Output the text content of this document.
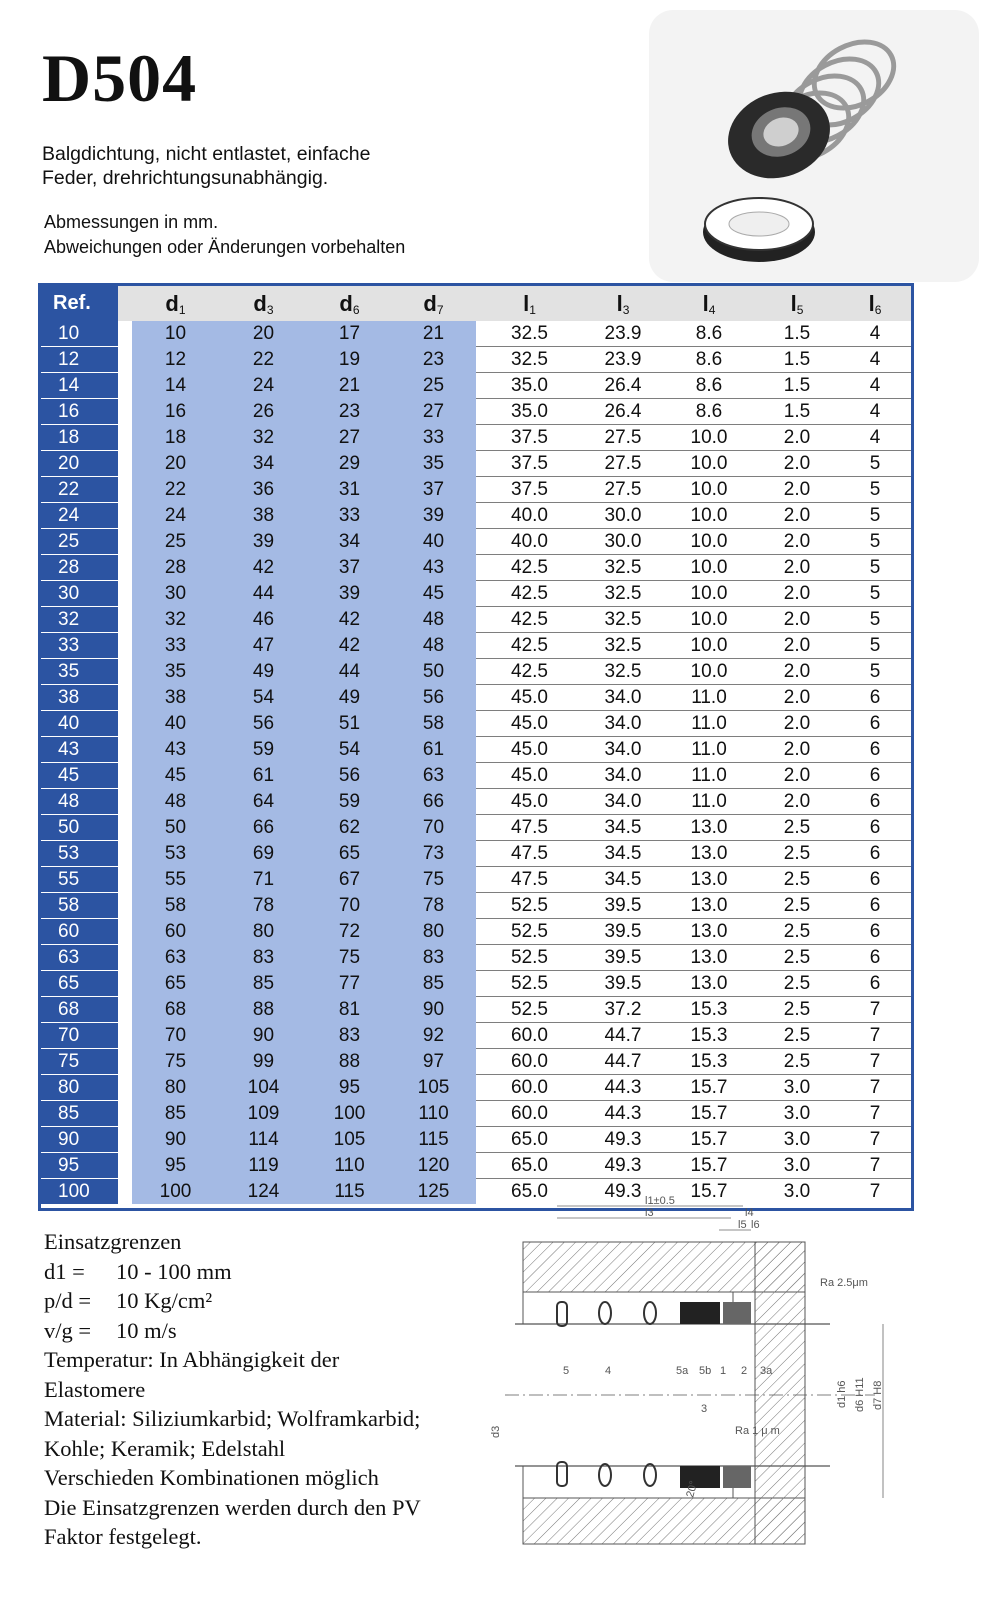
D504
Balgdichtung, nicht entlastet, einfache
Feder, drehrichtungsunabhängig.
Abmessungen in mm.
Abweichungen oder Änderungen vorbehalten
Ref.		$d_1$	$d_3$	$d_6$	$d_7$	$l_1$	$l_3$	$l_4$	$l_5$	$l_6$
10		10	20	17	21	32.5	23.9	8.6	1.5	4
12		12	22	19	23	32.5	23.9	8.6	1.5	4
14		14	24	21	25	35.0	26.4	8.6	1.5	4
16		16	26	23	27	35.0	26.4	8.6	1.5	4
18		18	32	27	33	37.5	27.5	10.0	2.0	4
20		20	34	29	35	37.5	27.5	10.0	2.0	5
22		22	36	31	37	37.5	27.5	10.0	2.0	5
24		24	38	33	39	40.0	30.0	10.0	2.0	5
25		25	39	34	40	40.0	30.0	10.0	2.0	5
28		28	42	37	43	42.5	32.5	10.0	2.0	5
30		30	44	39	45	42.5	32.5	10.0	2.0	5
32		32	46	42	48	42.5	32.5	10.0	2.0	5
33		33	47	42	48	42.5	32.5	10.0	2.0	5
35		35	49	44	50	42.5	32.5	10.0	2.0	5
38		38	54	49	56	45.0	34.0	11.0	2.0	6
40		40	56	51	58	45.0	34.0	11.0	2.0	6
43		43	59	54	61	45.0	34.0	11.0	2.0	6
45		45	61	56	63	45.0	34.0	11.0	2.0	6
48		48	64	59	66	45.0	34.0	11.0	2.0	6
50		50	66	62	70	47.5	34.5	13.0	2.5	6
53		53	69	65	73	47.5	34.5	13.0	2.5	6
55		55	71	67	75	47.5	34.5	13.0	2.5	6
58		58	78	70	78	52.5	39.5	13.0	2.5	6
60		60	80	72	80	52.5	39.5	13.0	2.5	6
63		63	83	75	83	52.5	39.5	13.0	2.5	6
65		65	85	77	85	52.5	39.5	13.0	2.5	6
68		68	88	81	90	52.5	37.2	15.3	2.5	7
70		70	90	83	92	60.0	44.7	15.3	2.5	7
75		75	99	88	97	60.0	44.7	15.3	2.5	7
80		80	104	95	105	60.0	44.3	15.7	3.0	7
85		85	109	100	110	60.0	44.3	15.7	3.0	7
90		90	114	105	115	65.0	49.3	15.7	3.0	7
95		95	119	110	120	65.0	49.3	15.7	3.0	7
100		100	124	115	125	65.0	49.3	15.7	3.0	7
Einsatzgrenzen
d1 = 10 - 100 mm
p/d = 10 Kg/cm²
v/g = 10 m/s
Temperatur: In Abhängigkeit der
Elastomere
Material: Siliziumkarbid; Wolframkarbid;
Kohle; Keramik; Edelstahl
Verschieden Kombinationen möglich
Die Einsatzgrenzen werden durch den PV
Faktor festgelegt.
l1±0.5
l3	l4
l5 l6
Ra 2.5μm
Ra 1 μ m
5	4	5a 5b 1 2 3a
3
d1 h6 d6 H11 d7 H8
d3
20°
